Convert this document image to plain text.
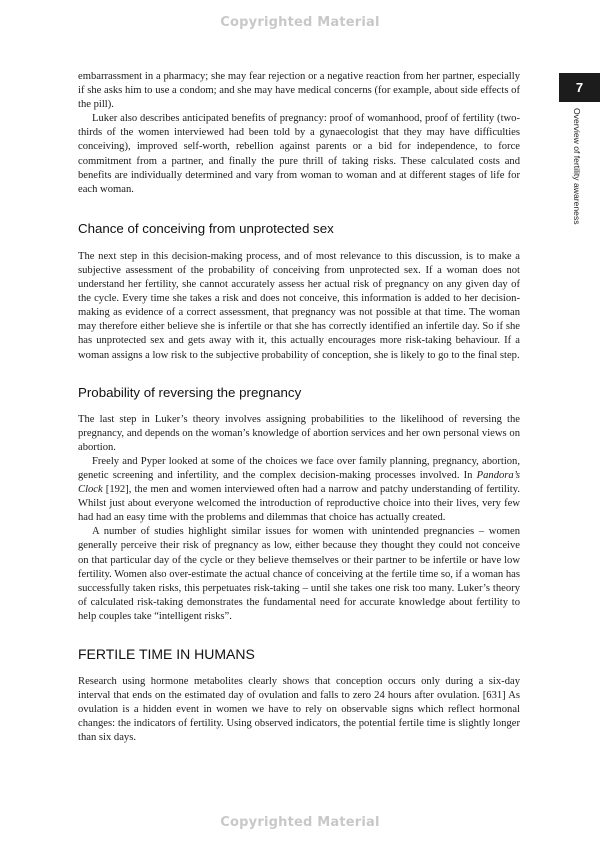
Copyrighted Material
7
Overview of fertility awareness

embarrassment in a pharmacy; she may fear rejection or a negative reaction from her partner, especially if she asks him to use a condom; and she may have medical concerns (for example, about side effects of the pill).

Luker also describes anticipated benefits of pregnancy: proof of womanhood, proof of fertility (two-thirds of the women interviewed had been told by a gynaecologist that they may have difficulties conceiving), improved self-worth, rebellion against parents or a bid for independence, to force commitment from a partner, and finally the pure thrill of taking risks. These calculated costs and benefits are individually determined and vary from woman to woman and at different stages of life for each woman.

Chance of conceiving from unprotected sex

The next step in this decision-making process, and of most relevance to this discussion, is to make a subjective assessment of the probability of conceiving from unprotected sex. If a woman does not understand her fertility, she cannot accurately assess her actual risk of pregnancy on any given day of the cycle. Every time she takes a risk and does not conceive, this information is added to her decision-making as evidence of a correct assessment, that pregnancy was not possible at that time. The woman may therefore either believe she is infertile or that she has correctly identified an infertile day. So if she has unprotected sex and gets away with it, this actually encourages more risk-taking behaviour. If a woman assigns a low risk to the subjective probability of conception, she is likely to go to the final step.

Probability of reversing the pregnancy

The last step in Luker’s theory involves assigning probabilities to the likelihood of reversing the pregnancy, and depends on the woman’s knowledge of abortion services and her own personal views on abortion.

Freely and Pyper looked at some of the choices we face over family planning, pregnancy, abortion, genetic screening and infertility, and the complex decision-making processes involved. In Pandora’s Clock [192], the men and women interviewed often had a narrow and patchy understanding of fertility. Whilst just about everyone welcomed the introduction of reproductive choice into their lives, very few had had an easy time with the problems and dilemmas that choice has actually created.

A number of studies highlight similar issues for women with unintended pregnancies – women generally perceive their risk of pregnancy as low, either because they thought they could not conceive on that particular day of the cycle or they believe themselves or their partner to be infertile or have low fertility. Women also over-estimate the actual chance of conceiving at the fertile time so, if a woman has successfully taken risks, this perpetuates risk-taking – until she takes one risk too many. Luker’s theory of calculated risk-taking demonstrates the fundamental need for accurate knowledge about fertility to help couples take “intelligent risks”.

FERTILE TIME IN HUMANS

Research using hormone metabolites clearly shows that conception occurs only during a six-day interval that ends on the estimated day of ovulation and falls to zero 24 hours after ovulation. [631] As ovulation is a hidden event in women we have to rely on observable signs which reflect hormonal changes: the indicators of fertility. Using observed indicators, the potential fertile time is slightly longer than six days.

Copyrighted Material
